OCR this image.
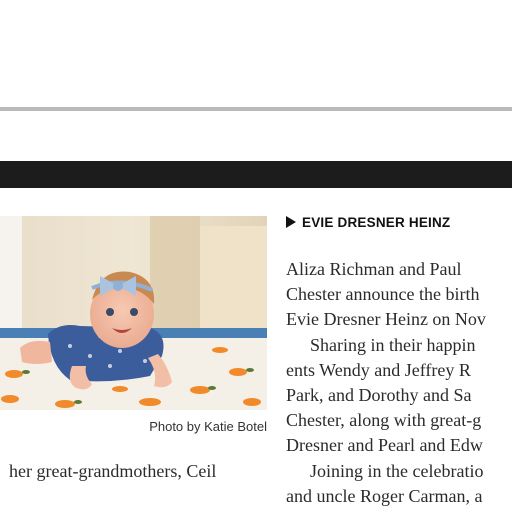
Photo by Katie Botel
her great-grandmothers, Ceil
EVIE DRESNER HEINZ
Aliza Richman and Paul
Chester announce the birth
Evie Dresner Heinz on Nov
Sharing in their happin
ents Wendy and Jeffrey R
Park, and Dorothy and Sa
Chester, along with great-g
Dresner and Pearl and Edw
Joining in the celebratio
and uncle Roger Carman, a
